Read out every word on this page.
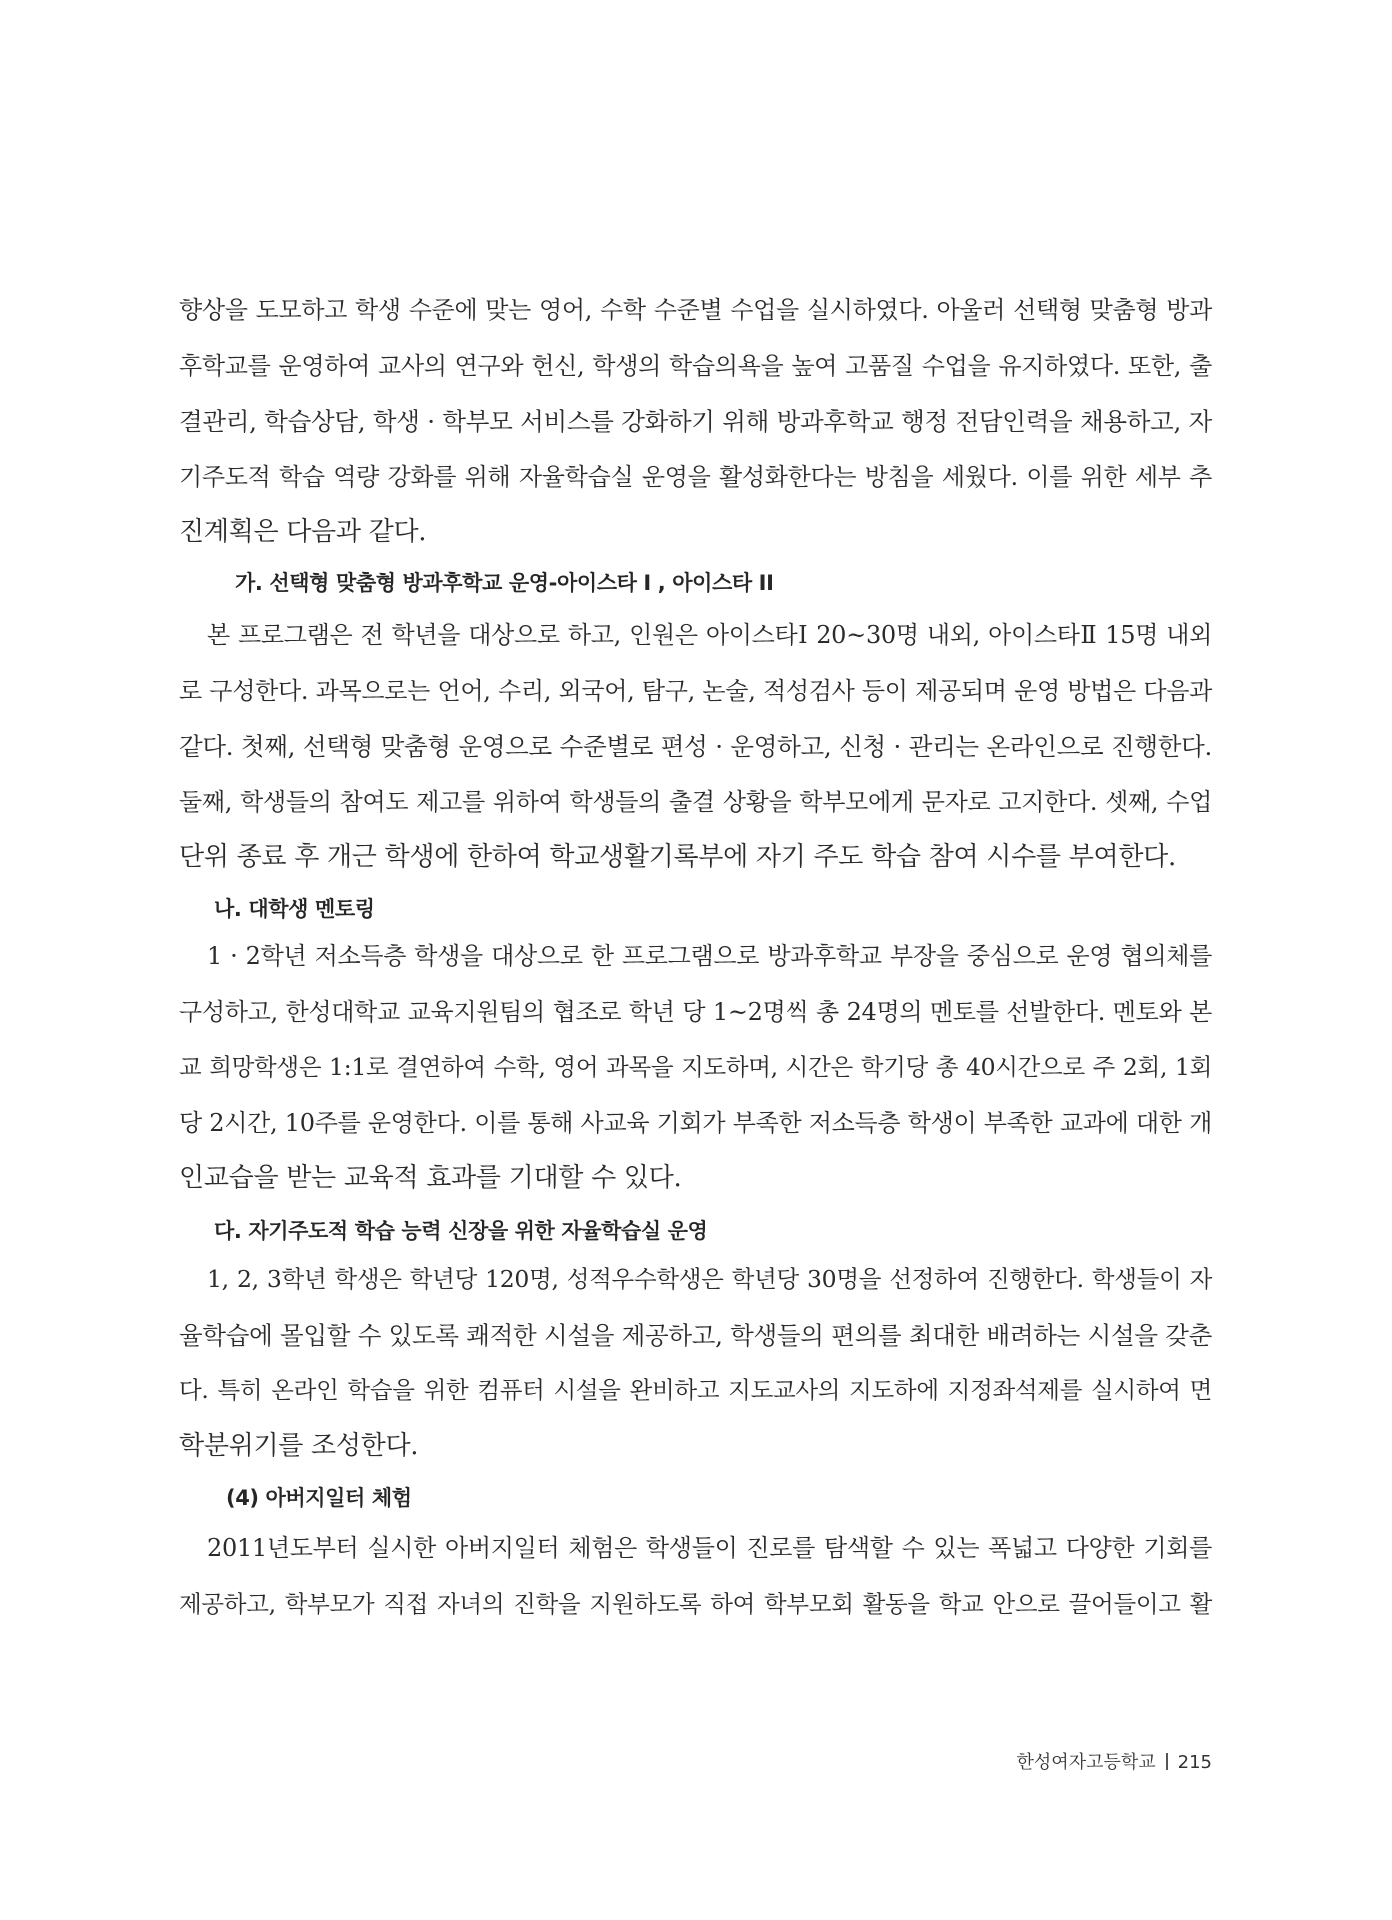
향상을 도모하고 학생 수준에 맞는 영어, 수학 수준별 수업을 실시하였다. 아울러 선택형 맞춤형 방과
후학교를 운영하여 교사의 연구와 헌신, 학생의 학습의욕을 높여 고품질 수업을 유지하였다. 또한, 출
결관리, 학습상담, 학생 · 학부모 서비스를 강화하기 위해 방과후학교 행정 전담인력을 채용하고, 자
기주도적 학습 역량 강화를 위해 자율학습실 운영을 활성화한다는 방침을 세웠다. 이를 위한 세부 추
진계획은 다음과 같다.

가. 선택형 맞춤형 방과후학교 운영-아이스타 I , 아이스타 II

본 프로그램은 전 학년을 대상으로 하고, 인원은 아이스타Ⅰ 20~30명 내외, 아이스타Ⅱ 15명 내외
로 구성한다. 과목으로는 언어, 수리, 외국어, 탐구, 논술, 적성검사 등이 제공되며 운영 방법은 다음과
같다. 첫째, 선택형 맞춤형 운영으로 수준별로 편성 · 운영하고, 신청 · 관리는 온라인으로 진행한다.
둘째, 학생들의 참여도 제고를 위하여 학생들의 출결 상황을 학부모에게 문자로 고지한다. 셋째, 수업
단위 종료 후 개근 학생에 한하여 학교생활기록부에 자기 주도 학습 참여 시수를 부여한다.

나. 대학생 멘토링

1 · 2학년 저소득층 학생을 대상으로 한 프로그램으로 방과후학교 부장을 중심으로 운영 협의체를
구성하고, 한성대학교 교육지원팀의 협조로 학년 당 1~2명씩 총 24명의 멘토를 선발한다. 멘토와 본
교 희망학생은 1:1로 결연하여 수학, 영어 과목을 지도하며, 시간은 학기당 총 40시간으로 주 2회, 1회
당 2시간, 10주를 운영한다. 이를 통해 사교육 기회가 부족한 저소득층 학생이 부족한 교과에 대한 개
인교습을 받는 교육적 효과를 기대할 수 있다.

다. 자기주도적 학습 능력 신장을 위한 자율학습실 운영

1, 2, 3학년 학생은 학년당 120명, 성적우수학생은 학년당 30명을 선정하여 진행한다. 학생들이 자
율학습에 몰입할 수 있도록 쾌적한 시설을 제공하고, 학생들의 편의를 최대한 배려하는 시설을 갖춘
다. 특히 온라인 학습을 위한 컴퓨터 시설을 완비하고 지도교사의 지도하에 지정좌석제를 실시하여 면
학분위기를 조성한다.

(4) 아버지일터 체험

2011년도부터 실시한 아버지일터 체험은 학생들이 진로를 탐색할 수 있는 폭넓고 다양한 기회를
제공하고, 학부모가 직접 자녀의 진학을 지원하도록 하여 학부모회 활동을 학교 안으로 끌어들이고 활

한성여자고등학교 215
